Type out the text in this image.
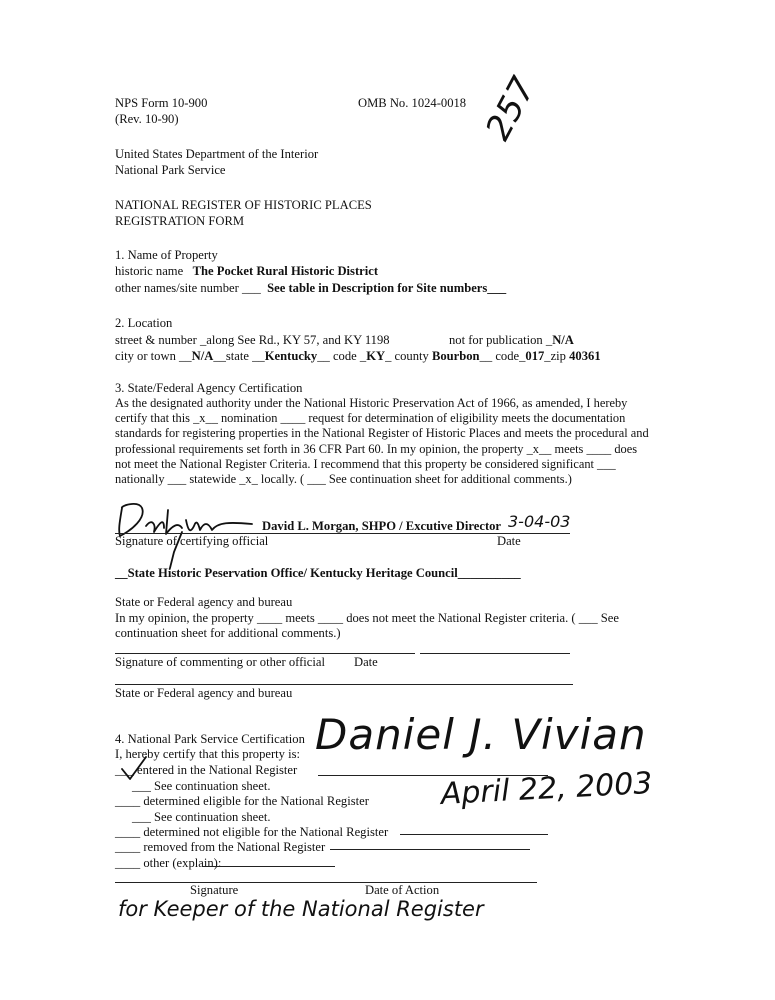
NPS Form 10-900	OMB No. 1024-0018
(Rev. 10-90)
United States Department of the Interior
National Park Service
257
NATIONAL REGISTER OF HISTORIC PLACES
REGISTRATION FORM
1. Name of Property
historic name The Pocket Rural Historic District
other names/site number ___ See table in Description for Site numbers___
2. Location
street & number _along See Rd., KY 57, and KY 1198	not for publication _N/A
city or town __N/A__state __Kentucky__ code _KY_ county Bourbon__ code_017_zip 40361
3. State/Federal Agency Certification
As the designated authority under the National Historic Preservation Act of 1966, as amended, I hereby
certify that this _x__ nomination ____ request for determination of eligibility meets the documentation
standards for registering properties in the National Register of Historic Places and meets the procedural and
professional requirements set forth in 36 CFR Part 60. In my opinion, the property _x__ meets ____ does
not meet the National Register Criteria. I recommend that this property be considered significant ___
nationally ___ statewide _x_ locally. ( ___ See continuation sheet for additional comments.)
David L. Morgan, SHPO / Excutive Director 3-04-03
Signature of certifying official	Date
__State Historic Peservation Office/ Kentucky Heritage Council__________
State or Federal agency and bureau
In my opinion, the property ____ meets ____ does not meet the National Register criteria. ( ___ See
continuation sheet for additional comments.)
Signature of commenting or other official Date
State or Federal agency and bureau
4. National Park Service Certification
I, hereby certify that this property is:
___ entered in the National Register
___ See continuation sheet.
____ determined eligible for the National Register
___ See continuation sheet.
____ determined not eligible for the National Register
____ removed from the National Register
____ other (explain):
Daniel J. Vivian
April 22, 2003
Signature	Date of Action
for Keeper of the National Register
